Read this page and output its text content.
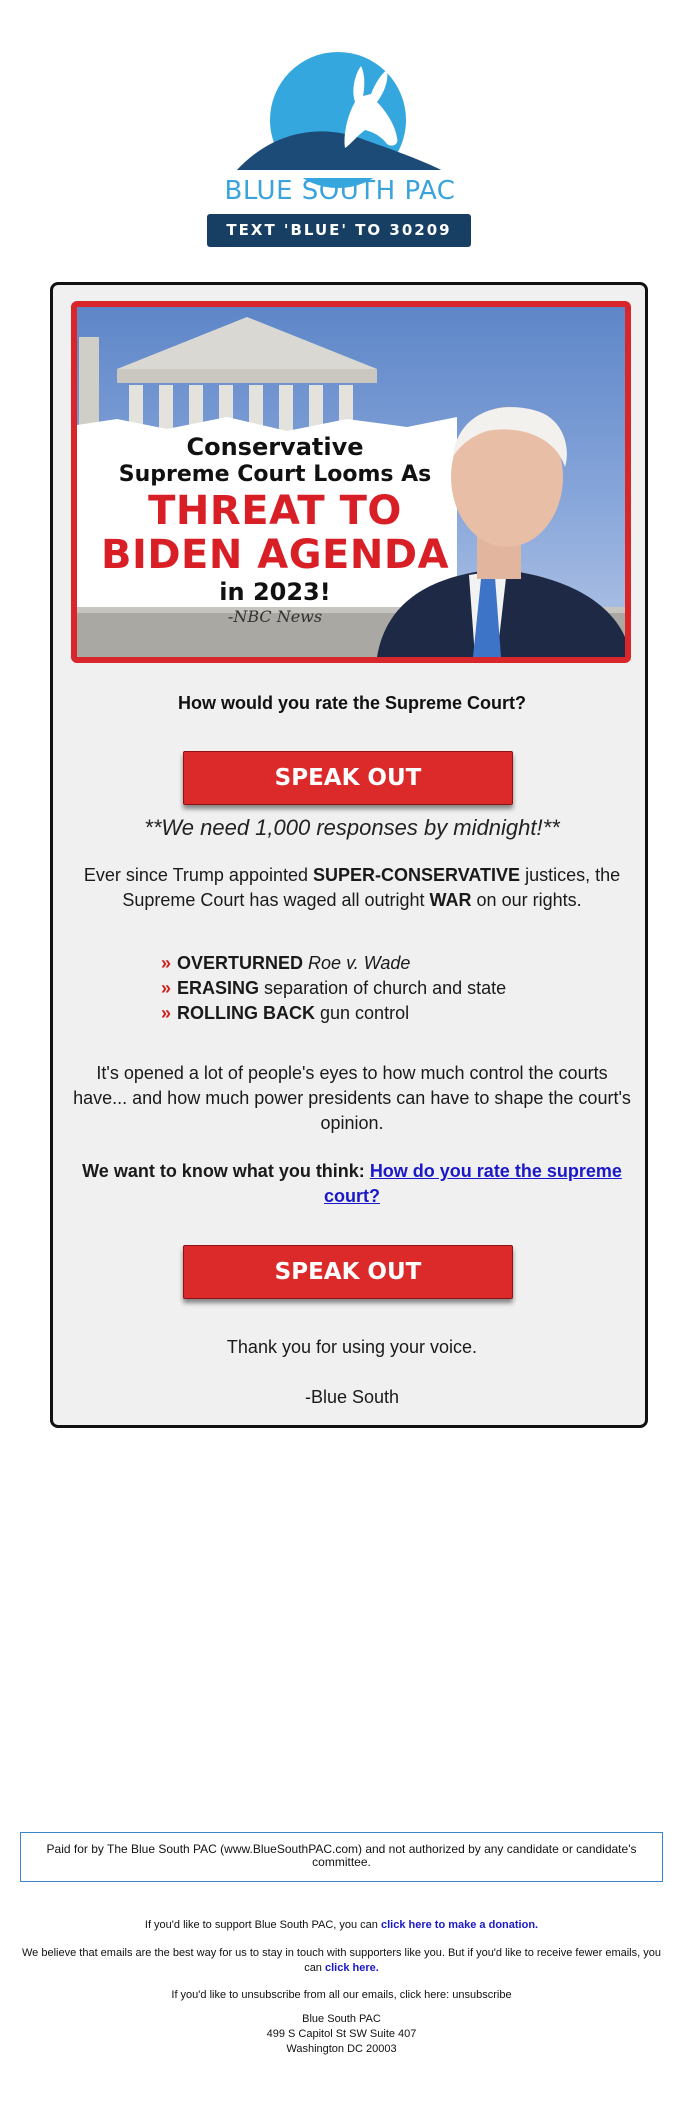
BLUE SOUTH PAC
TEXT 'BLUE' TO 30209
Conservative
Supreme Court Looms As
THREAT TO
BIDEN AGENDA
in 2023!
-NBC News
How would you rate the Supreme Court?
SPEAK OUT
**We need 1,000 responses by midnight!**
Ever since Trump appointed SUPER-CONSERVATIVE justices, the Supreme Court has waged all outright WAR on our rights.
» OVERTURNED Roe v. Wade
» ERASING separation of church and state
» ROLLING BACK gun control
It's opened a lot of people's eyes to how much control the courts have... and how much power presidents can have to shape the court's opinion.
We want to know what you think: How do you rate the supreme court?
SPEAK OUT
Thank you for using your voice.
-Blue South
Paid for by The Blue South PAC (www.BlueSouthPAC.com) and not authorized by any candidate or candidate's committee.
If you'd like to support Blue South PAC, you can click here to make a donation.
We believe that emails are the best way for us to stay in touch with supporters like you. But if you'd like to receive fewer emails, you can click here.
If you'd like to unsubscribe from all our emails, click here: unsubscribe
Blue South PAC
499 S Capitol St SW Suite 407
Washington DC 20003
